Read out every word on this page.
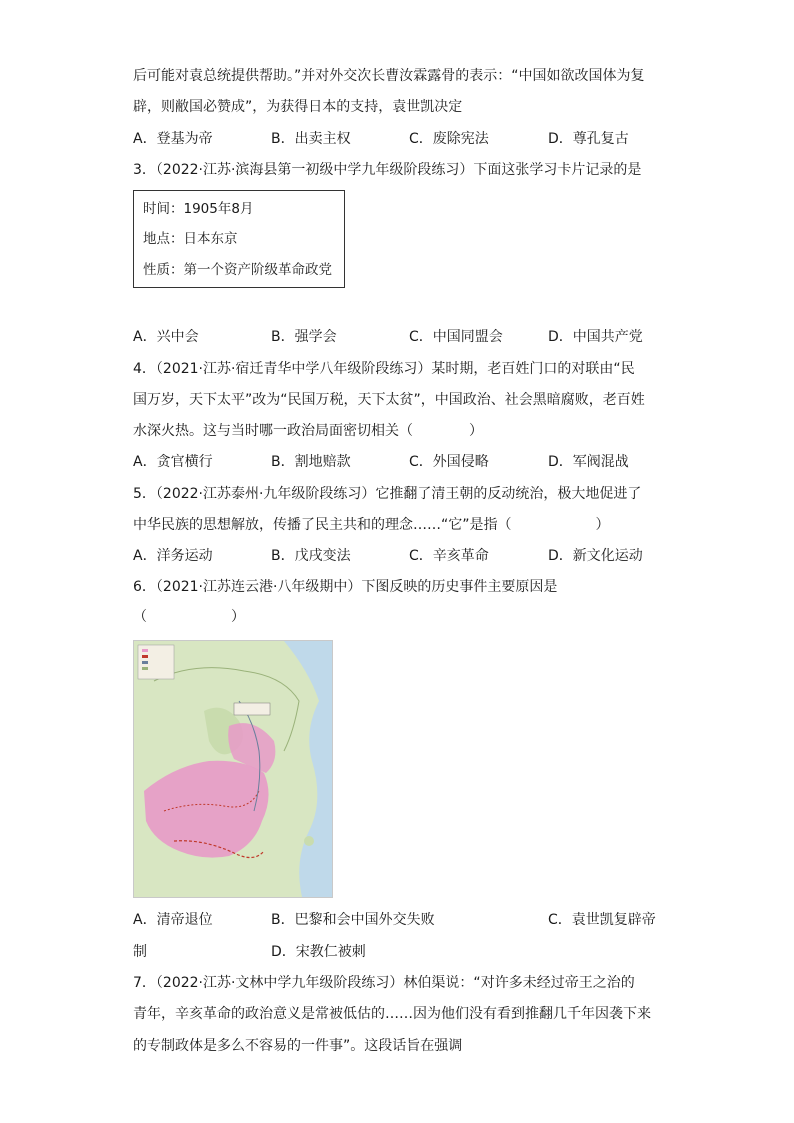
后可能对袁总统提供帮助。”并对外交次长曹汝霖露骨的表示：“中国如欲改国体为复
辟，则敝国必赞成”，为获得日本的支持，袁世凯决定
A．登基为帝	B．出卖主权	C．废除宪法	D．尊孔复古
3．（2022·江苏·滨海县第一初级中学九年级阶段练习）下面这张学习卡片记录的是
时间：1905年8月
地点：日本东京
性质：第一个资产阶级革命政党
A．兴中会	B．强学会	C．中国同盟会	D．中国共产党
4．（2021·江苏·宿迁青华中学八年级阶段练习）某时期，老百姓门口的对联由“民
国万岁，天下太平”改为“民国万税，天下太贫”，中国政治、社会黑暗腐败，老百姓
水深火热。这与当时哪一政治局面密切相关（　　　　）
A．贪官横行	B．割地赔款	C．外国侵略	D．军阀混战
5．（2022·江苏泰州·九年级阶段练习）它推翻了清王朝的反动统治，极大地促进了
中华民族的思想解放，传播了民主共和的理念……“它”是指（　　　　　　）
A．洋务运动	B．戊戌变法	C．辛亥革命	D．新文化运动
6．（2021·江苏连云港·八年级期中）下图反映的历史事件主要原因是
（　　　　　　）
A．清帝退位	B．巴黎和会中国外交失败	C．袁世凯复辟帝
制	D．宋教仁被刺
7．（2022·江苏·文林中学九年级阶段练习）林伯渠说：“对许多未经过帝王之治的
青年，辛亥革命的政治意义是常被低估的……因为他们没有看到推翻几千年因袭下来
的专制政体是多么不容易的一件事”。这段话旨在强调
